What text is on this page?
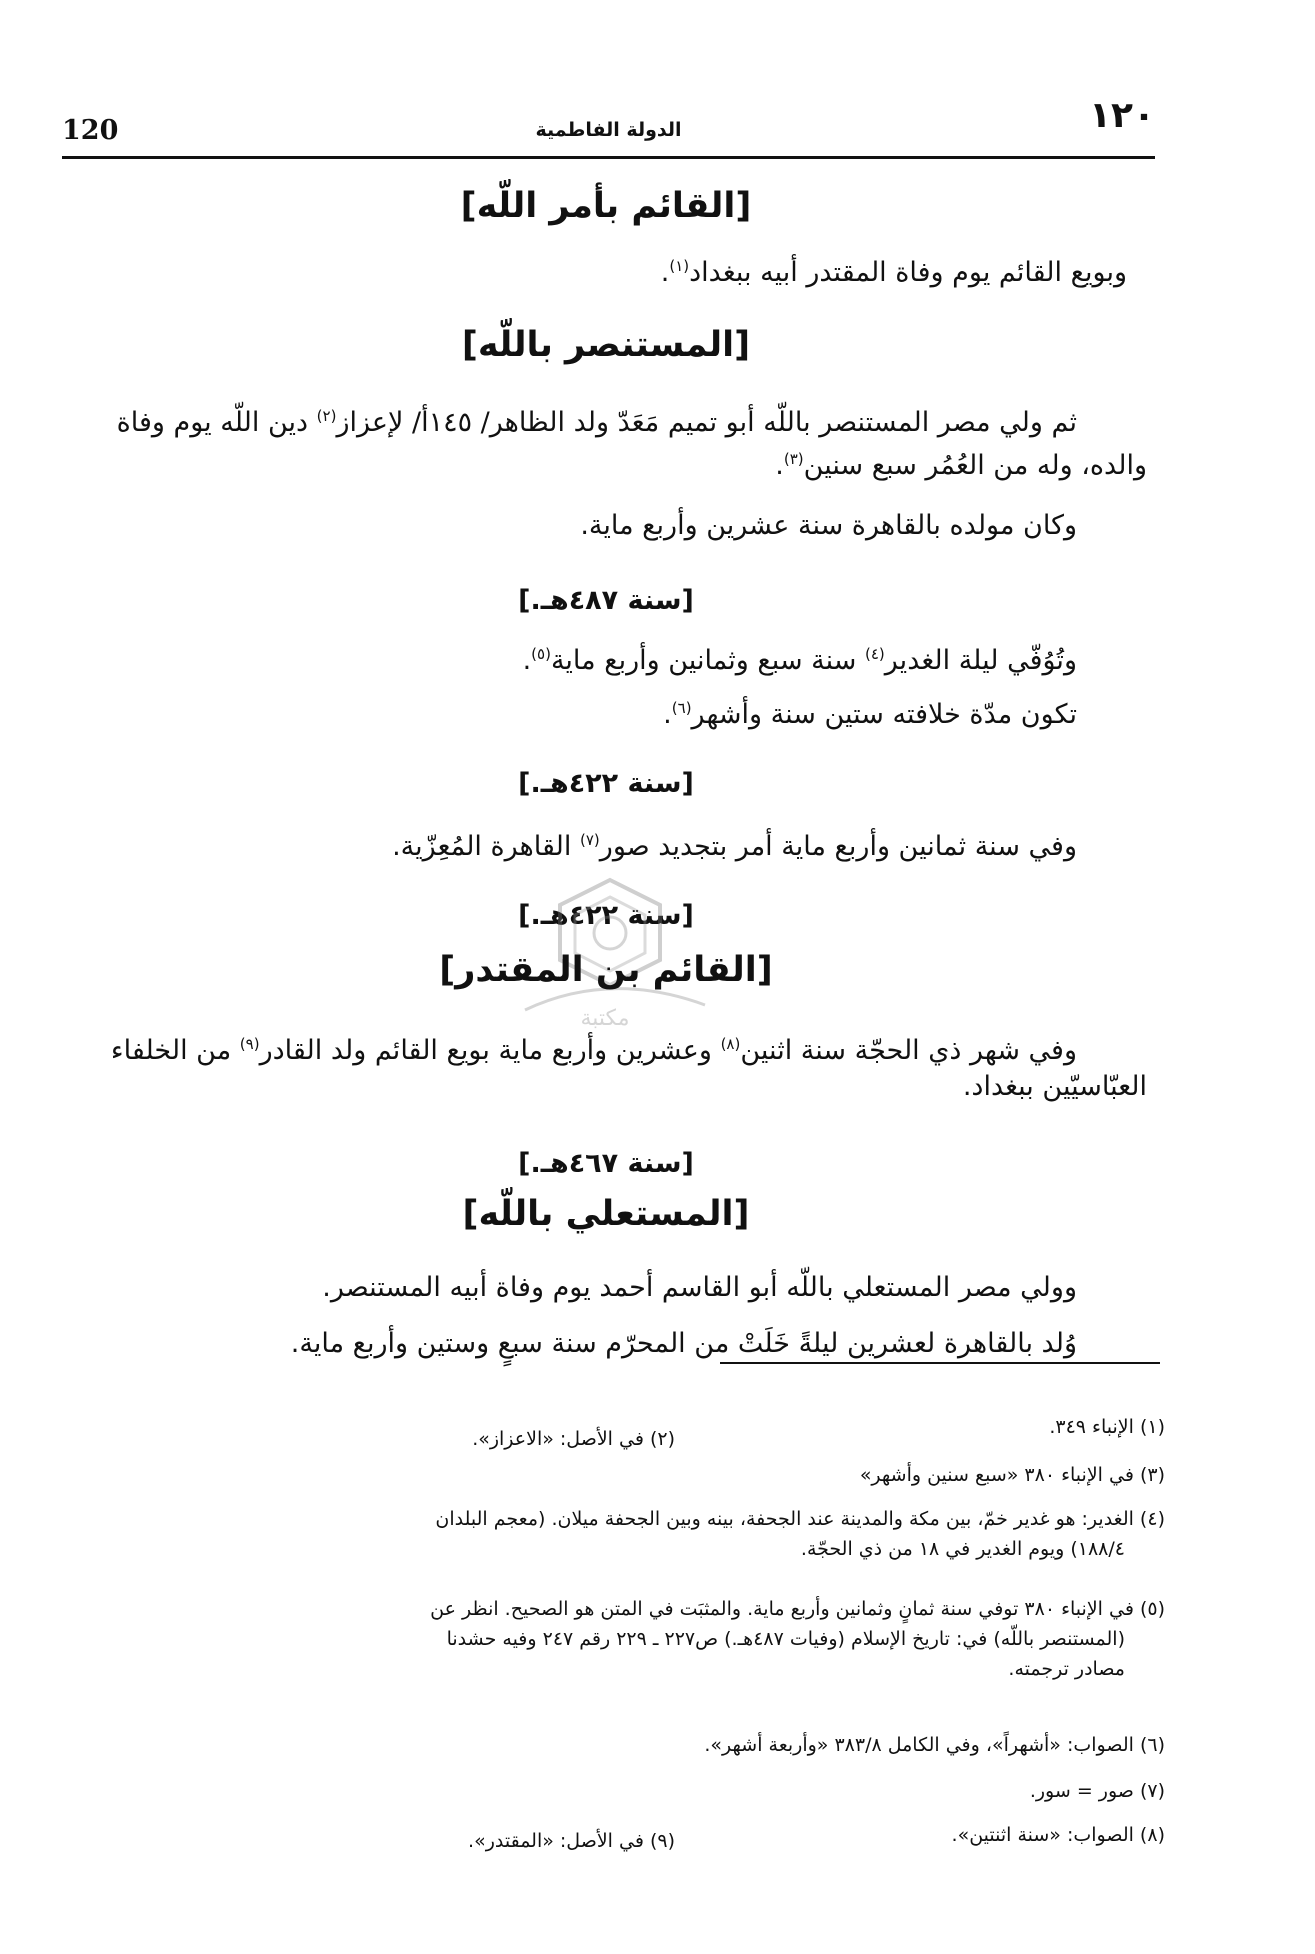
120	الدولة الفاطمية	١٢٠
[القائم بأمر اللّه]
وبويع القائم يوم وفاة المقتدر أبيه ببغداد$^{(١)}$.
[المستنصر باللّه]
ثم ولي مصر المستنصر باللّه أبو تميم مَعَدّ ولد الظاهر/ ١٤٥أ/ لإعزاز$^{(٢)}$ دين اللّه يوم وفاة والده، وله من العُمُر سبع سنين$^{(٣)}$.
وكان مولده بالقاهرة سنة عشرين وأربع ماية.
[سنة ٤٨٧هـ.]
وتُوُفّي ليلة الغدير$^{(٤)}$ سنة سبع وثمانين وأربع ماية$^{(٥)}$.
تكون مدّة خلافته ستين سنة وأشهر$^{(٦)}$.
[سنة ٤٢٢هـ.]
وفي سنة ثمانين وأربع ماية أمر بتجديد صور$^{(٧)}$ القاهرة المُعِزّية.
[سنة ٤٢٢هـ.]
مكتبة
[القائم بن المقتدر]
وفي شهر ذي الحجّة سنة اثنين$^{(٨)}$ وعشرين وأربع ماية بويع القائم ولد القادر$^{(٩)}$ من الخلفاء العبّاسيّين ببغداد.
[سنة ٤٦٧هـ.]
[المستعلي باللّه]
وولي مصر المستعلي باللّه أبو القاسم أحمد يوم وفاة أبيه المستنصر.
وُلد بالقاهرة لعشرين ليلةً خَلَتْ من المحرّم سنة سبعٍ وستين وأربع ماية.
(١) الإنباء ٣٤٩.
(٢) في الأصل: «الاعزاز».
(٣) في الإنباء ٣٨٠ «سبع سنين وأشهر»
(٤) الغدير: هو غدير خمّ، بين مكة والمدينة عند الجحفة، بينه وبين الجحفة ميلان. (معجم البلدان
١٨٨/٤) ويوم الغدير في ١٨ من ذي الحجّة.
(٥) في الإنباء ٣٨٠ توفي سنة ثمانٍ وثمانين وأربع ماية. والمثبَت في المتن هو الصحيح. انظر عن
(المستنصر باللّه) في: تاريخ الإسلام (وفيات ٤٨٧هـ.) ص٢٢٧ ـ ٢٢٩ رقم ٢٤٧ وفيه حشدنا
مصادر ترجمته.
(٦) الصواب: «أشهراً»، وفي الكامل ٣٨٣/٨ «وأربعة أشهر».
(٧) صور = سور.
(٨) الصواب: «سنة اثنتين».
(٩) في الأصل: «المقتدر».
